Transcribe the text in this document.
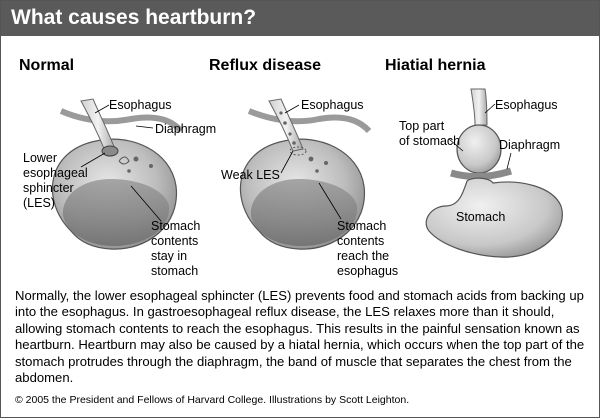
What causes heartburn?
Normal	Reflux disease	Hiatial hernia
Esophagus
Diaphragm
Lower
esophageal
sphincter
(LES)
Stomach
contents
stay in
stomach
Esophagus
Weak LES
Stomach
contents
reach the
esophagus
Esophagus
Top part
of stomach	Diaphragm
Stomach
Normally, the lower esophageal sphincter (LES) prevents food and stomach acids from backing up into the esophagus. In gastroesophageal reflux disease, the LES relaxes more than it should, allowing stomach contents to reach the esophagus. This results in the painful sensation known as heartburn. Heartburn may also be caused by a hiatal hernia, which occurs when the top part of the stomach protrudes through the diaphragm, the band of muscle that separates the chest from the abdomen.
© 2005 the President and Fellows of Harvard College. Illustrations by Scott Leighton.
